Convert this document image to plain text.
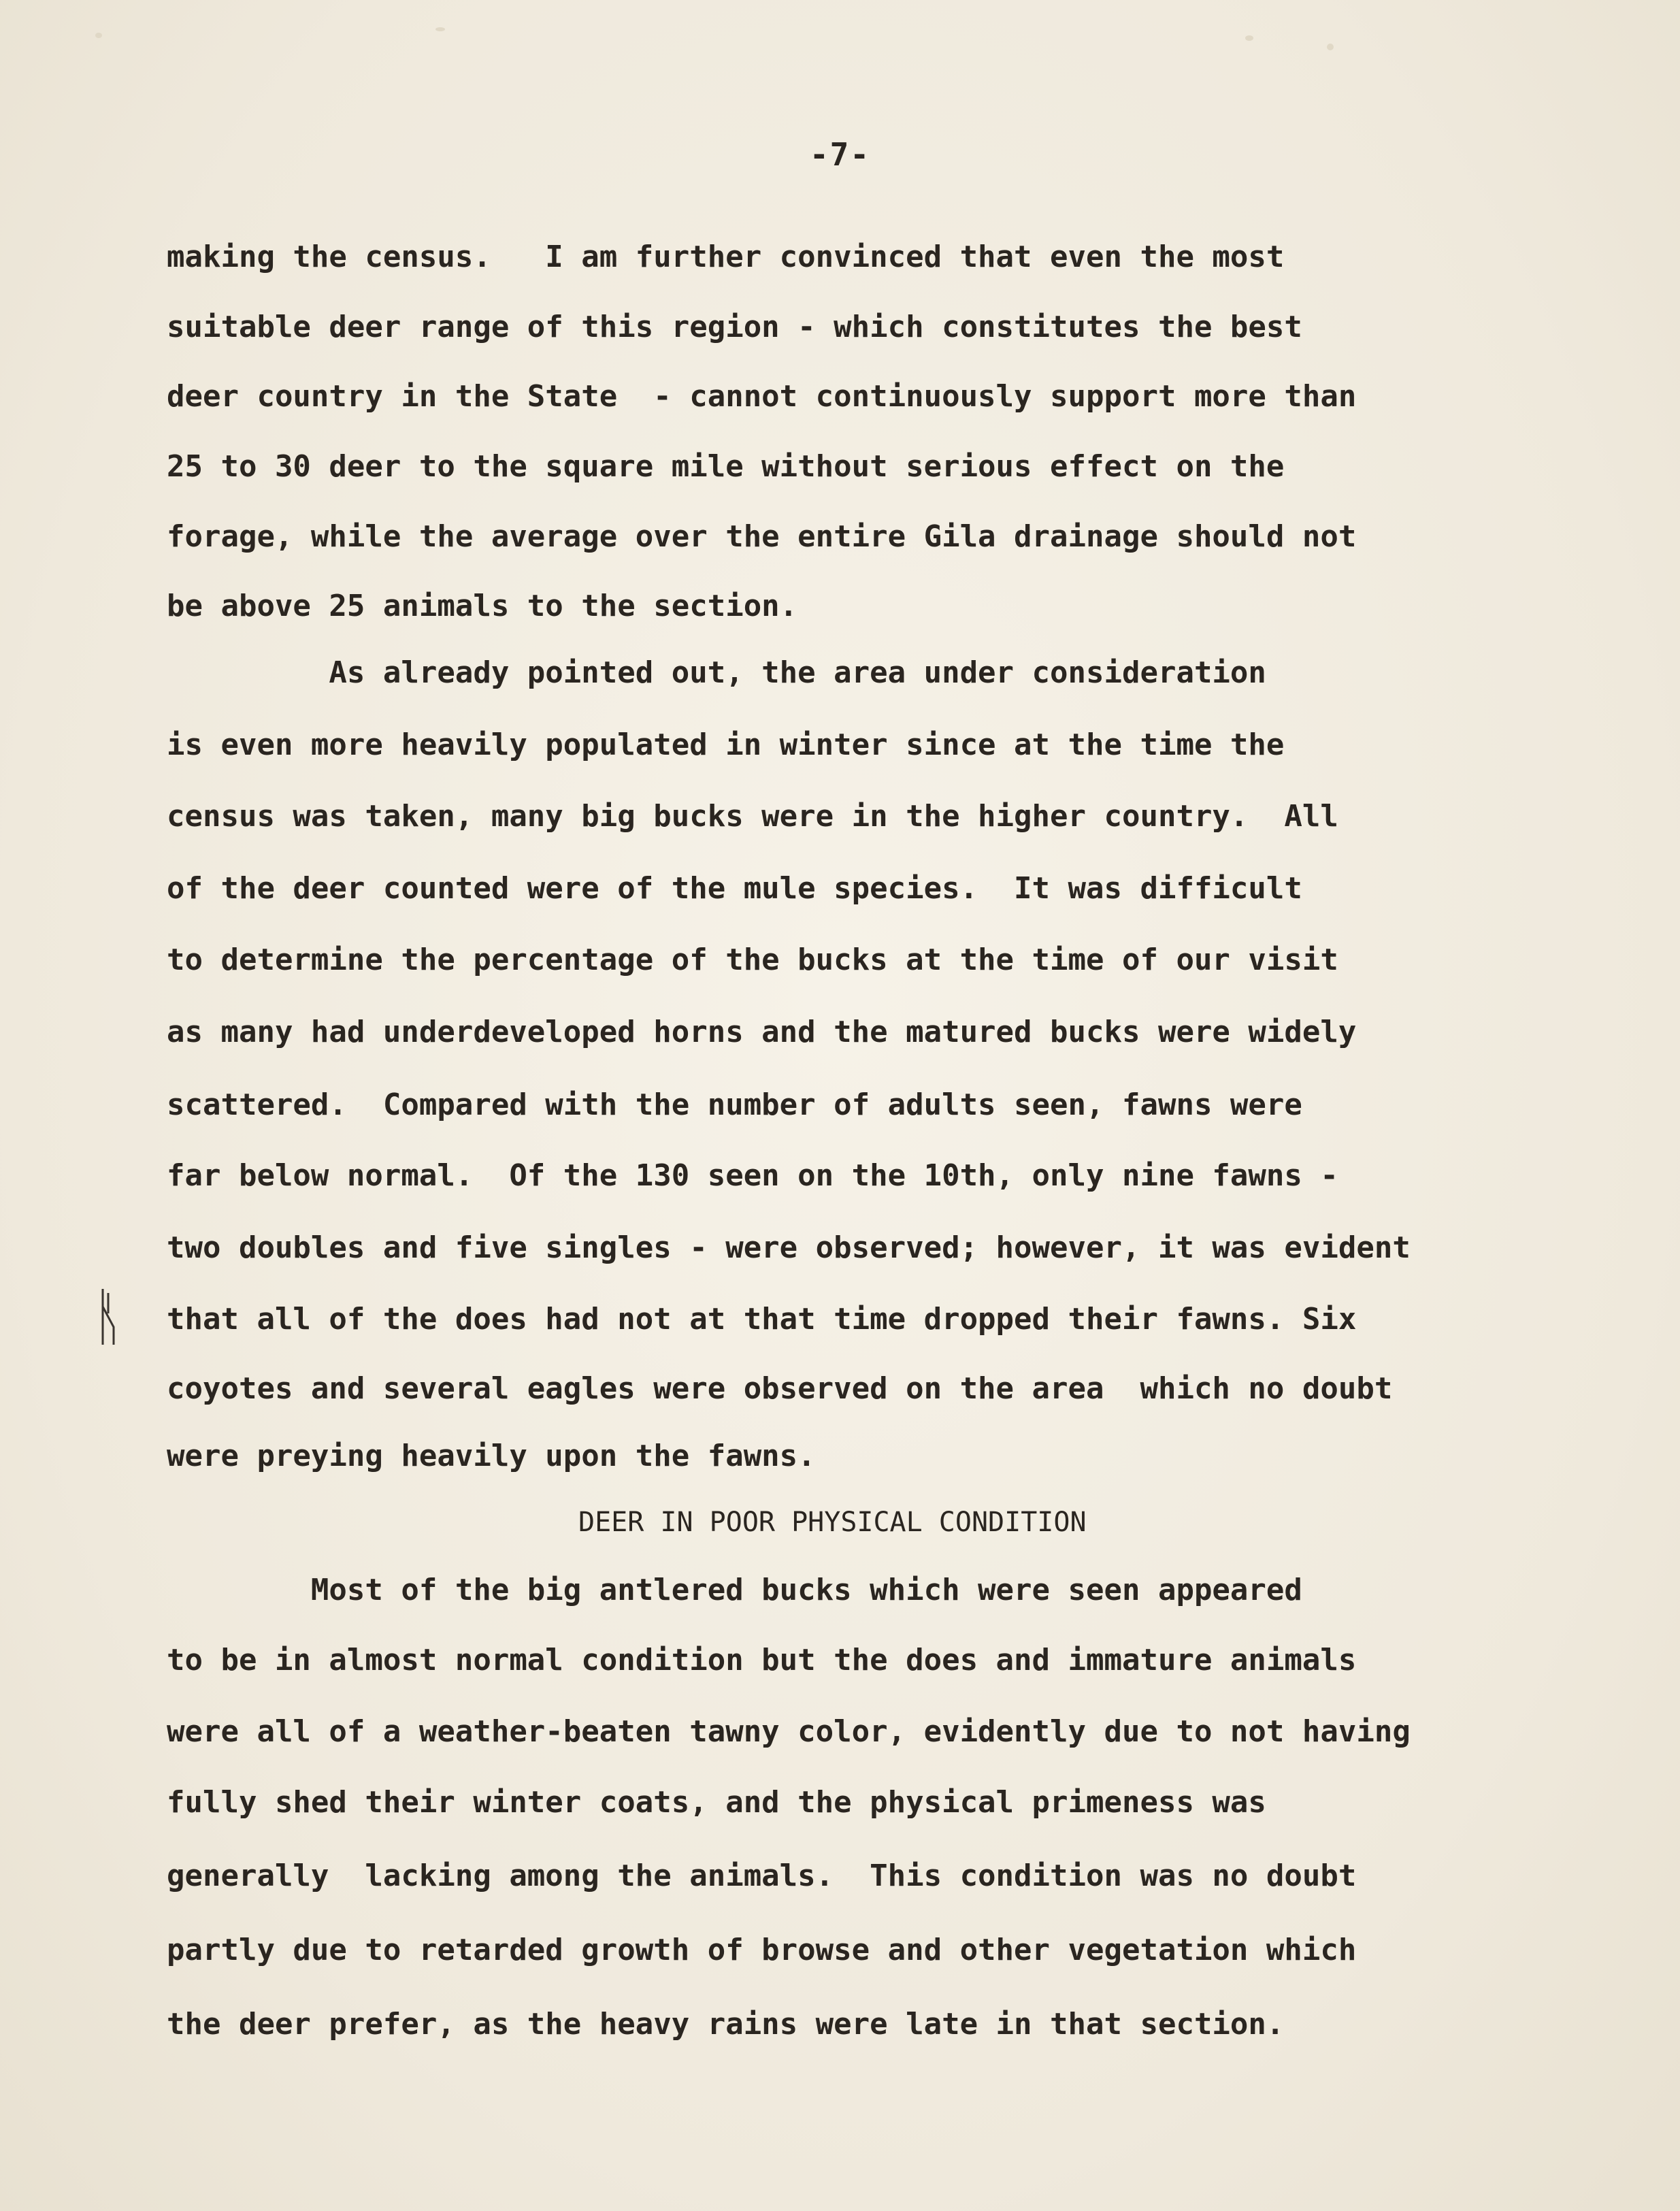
-7-
making the census.   I am further convinced that even the most
suitable deer range of this region - which constitutes the best
deer country in the State  - cannot continuously support more than
25 to 30 deer to the square mile without serious effect on the
forage, while the average over the entire Gila drainage should not
be above 25 animals to the section.
As already pointed out, the area under consideration
is even more heavily populated in winter since at the time the
census was taken, many big bucks were in the higher country.  All
of the deer counted were of the mule species.  It was difficult
to determine the percentage of the bucks at the time of our visit
as many had underdeveloped horns and the matured bucks were widely
scattered.  Compared with the number of adults seen, fawns were
far below normal.  Of the 130 seen on the 10th, only nine fawns -
two doubles and five singles - were observed; however, it was evident
that all of the does had not at that time dropped their fawns. Six
coyotes and several eagles were observed on the area  which no doubt
were preying heavily upon the fawns.
DEER IN POOR PHYSICAL CONDITION
Most of the big antlered bucks which were seen appeared
to be in almost normal condition but the does and immature animals
were all of a weather-beaten tawny color, evidently due to not having
fully shed their winter coats, and the physical primeness was
generally  lacking among the animals.  This condition was no doubt
partly due to retarded growth of browse and other vegetation which
the deer prefer, as the heavy rains were late in that section.
